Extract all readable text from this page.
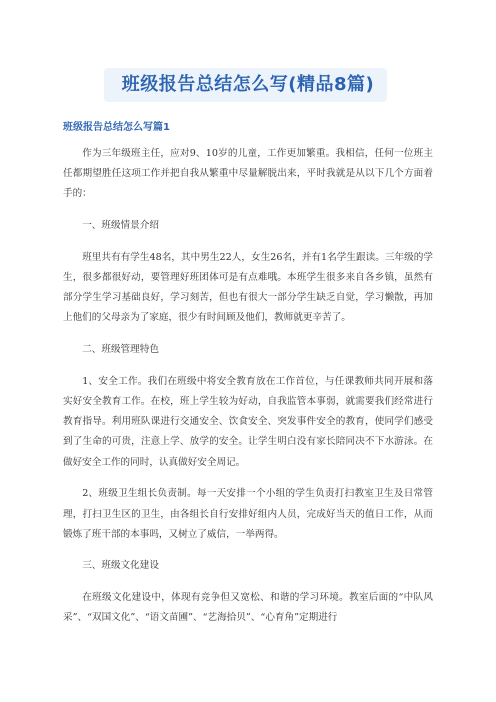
班级报告总结怎么写(精品8篇)
班级报告总结怎么写篇1

作为三年级班主任，应对9、10岁的儿童，工作更加繁重。我相信，任何一位班主任都期望胜任这项工作并把自我从繁重中尽量解脱出来，平时我就是从以下几个方面着手的：

一、班级情景介绍

班里共有有学生48名，其中男生22人，女生26名，并有1名学生跟读。三年级的学生，很多都很好动，要管理好班团体可是有点难哦。本班学生很多来自各乡镇，虽然有部分学生学习基础良好，学习刻苦，但也有很大一部分学生缺乏自觉，学习懒散，再加上他们的父母亲为了家庭，很少有时间顾及他们，教师就更辛苦了。

二、班级管理特色

1、安全工作。我们在班级中将安全教育放在工作首位，与任课教师共同开展和落实好安全教育工作。在校，班上学生较为好动，自我监管本事弱，就需要我们经常进行教育指导。利用班队课进行交通安全、饮食安全、突发事件安全的教育，使同学们感受到了生命的可贵，注意上学、放学的安全。让学生明白没有家长陪同决不下水游泳。在做好安全工作的同时，认真做好安全周记。

2、班级卫生组长负责制。每一天安排一个小组的学生负责打扫教室卫生及日常管理，打扫卫生区的卫生，由各组长自行安排好组内人员，完成好当天的值日工作，从而锻炼了班干部的本事吗，又树立了威信，一举两得。

三、班级文化建设

在班级文化建设中，体现有竞争但又宽松、和谐的学习环境。教室后面的“中队风采”、“双国文化”、“语文苗圃”、“艺海拾贝”、“心育角”定期进行
